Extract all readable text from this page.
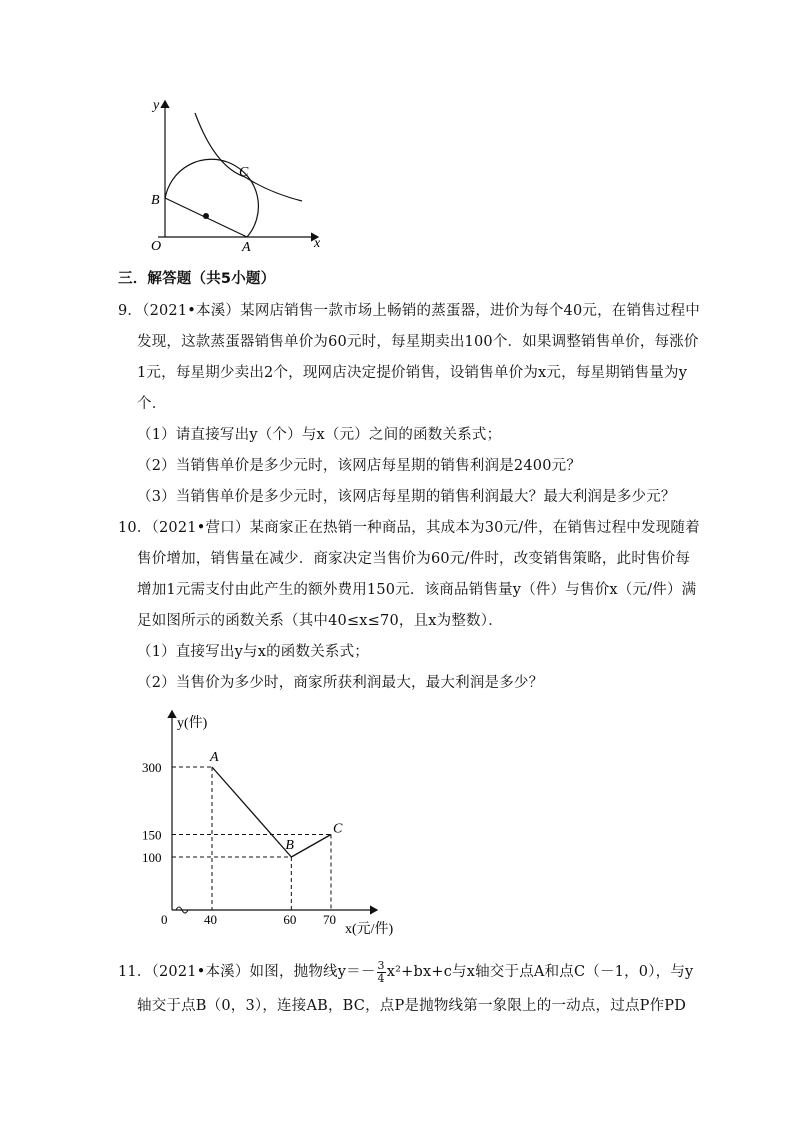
y
x
O	A
B
C
三．解答题（共5小题）
9．（2021•本溪）某网店销售一款市场上畅销的蒸蛋器，进价为每个40元，在销售过程中
发现，这款蒸蛋器销售单价为60元时，每星期卖出100个．如果调整销售单价，每涨价
1元，每星期少卖出2个，现网店决定提价销售，设销售单价为x元，每星期销售量为y
个．
（1）请直接写出y（个）与x（元）之间的函数关系式；
（2）当销售单价是多少元时，该网店每星期的销售利润是2400元？
（3）当销售单价是多少元时，该网店每星期的销售利润最大？最大利润是多少元？
10．（2021•营口）某商家正在热销一种商品，其成本为30元/件，在销售过程中发现随着
售价增加，销售量在减少．商家决定当售价为60元/件时，改变销售策略，此时售价每
增加1元需支付由此产生的额外费用150元．该商品销售量y（件）与售价x（元/件）满
足如图所示的函数关系（其中40≤x≤70，且x为整数）．
（1）直接写出y与x的函数关系式；
（2）当售价为多少时，商家所获利润最大，最大利润是多少？
A
B
C
0	40	60 70
300
150
100
y(件)
x(元/件)
11．（2021•本溪）如图，抛物线$y=- \frac{3}{4} x^2+bx+c$与x轴交于点A和点C（－1，0），与y
轴交于点B（0，3），连接AB，BC，点P是抛物线第一象限上的一动点，过点P作PD
